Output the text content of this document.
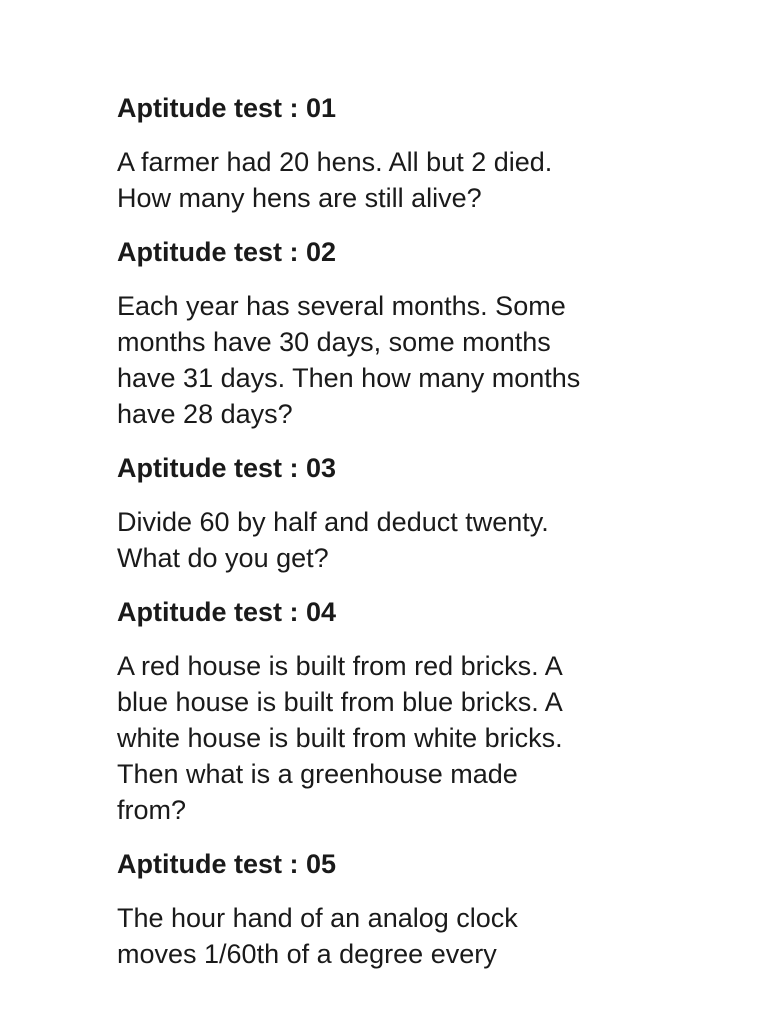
Aptitude test : 01

A farmer had 20 hens. All but 2 died.
How many hens are still alive?

Aptitude test : 02

Each year has several months. Some
months have 30 days, some months
have 31 days. Then how many months
have 28 days?

Aptitude test : 03

Divide 60 by half and deduct twenty.
What do you get?

Aptitude test : 04

A red house is built from red bricks. A
blue house is built from blue bricks. A
white house is built from white bricks.
Then what is a greenhouse made
from?

Aptitude test : 05

The hour hand of an analog clock
moves 1/60th of a degree every
